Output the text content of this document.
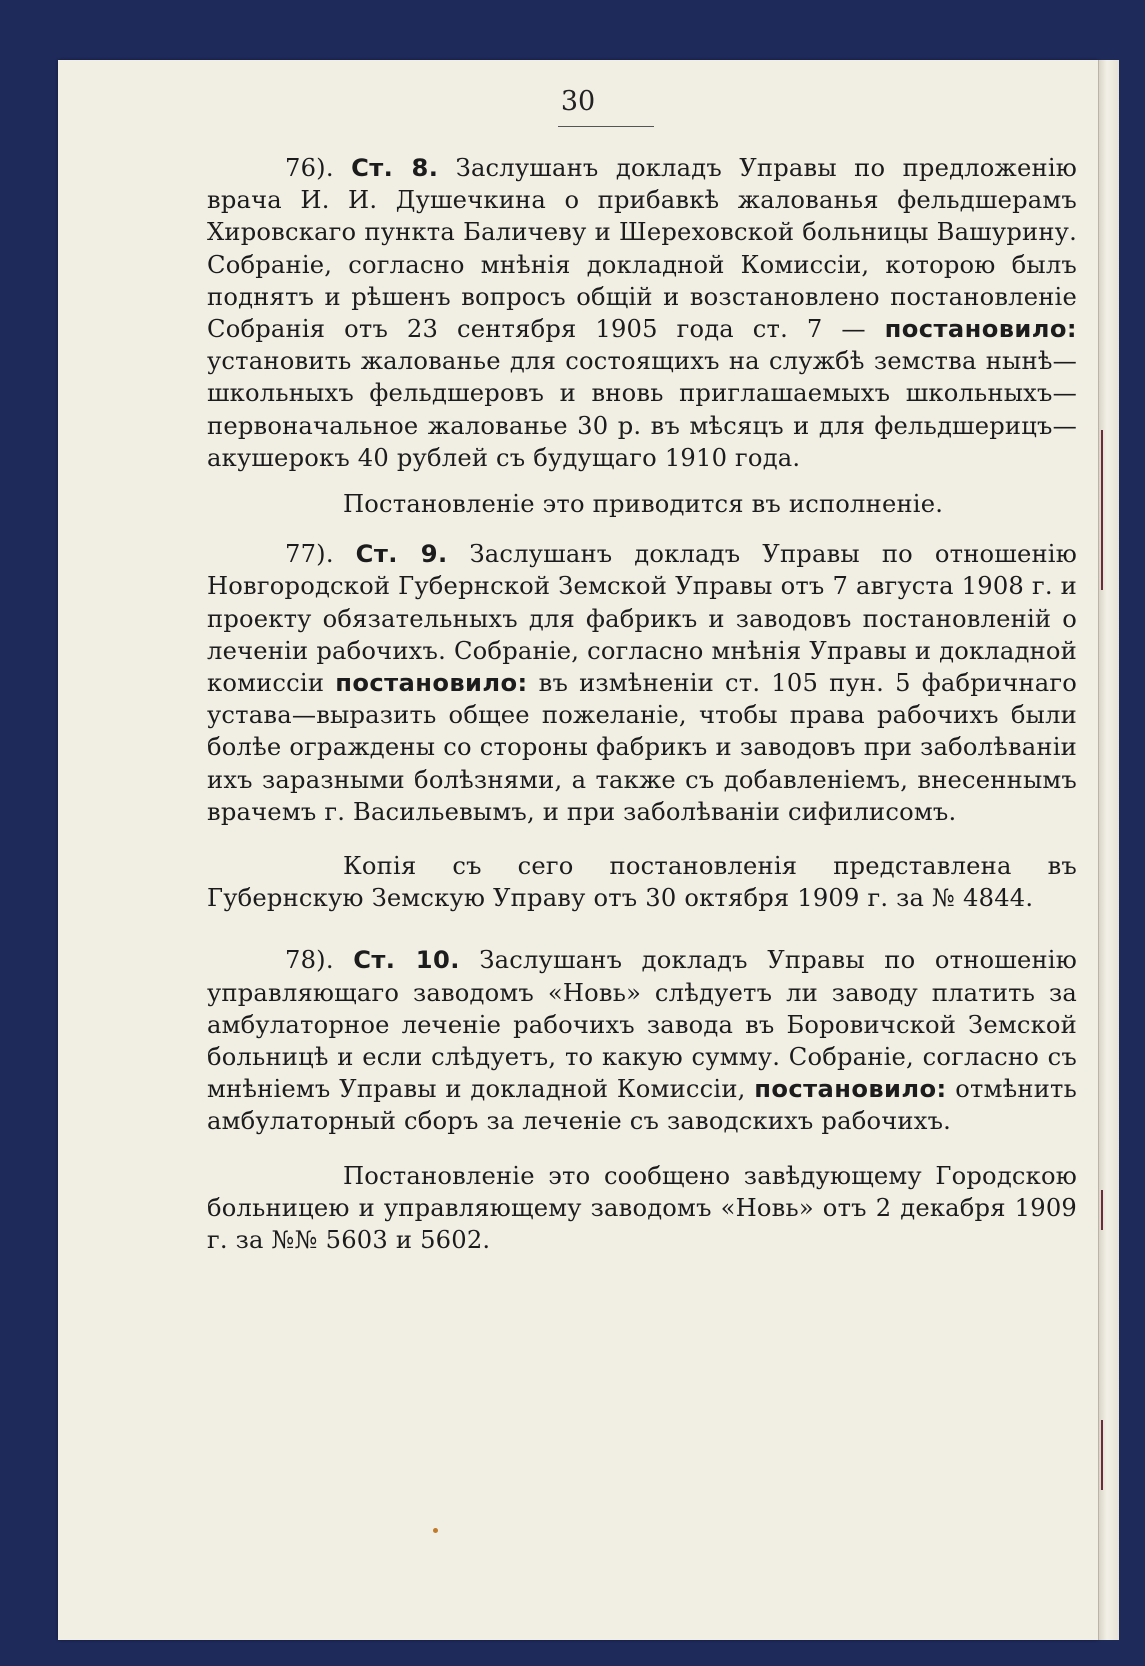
30

76). Ст. 8. Заслушанъ докладъ Управы по предложенію врача И. И. Душечкина о прибавкѣ жалованья фельдшерамъ Хировскаго пункта Баличеву и Шереховской больницы Вашурину. Собраніе, согласно мнѣнія докладной Комиссіи, которою былъ поднятъ и рѣшенъ вопросъ общій и возстановлено постановленіе Собранія отъ 23 сентября 1905 года ст. 7 — постановило: установить жалованье для состоящихъ на службѣ земства нынѣ—школьныхъ фельдшеровъ и вновь приглашаемыхъ школьныхъ—первоначальное жалованье 30 р. въ мѣсяцъ и для фельдшерицъ—акушерокъ 40 рублей съ будущаго 1910 года.

Постановленіе это приводится въ исполненіе.

77). Ст. 9. Заслушанъ докладъ Управы по отношенію Новгородской Губернской Земской Управы отъ 7 августа 1908 г. и проекту обязательныхъ для фабрикъ и заводовъ постановленій о леченіи рабочихъ. Собраніе, согласно мнѣнія Управы и докладной комиссіи постановило: въ измѣненіи ст. 105 пун. 5 фабричнаго устава—выразить общее пожеланіе, чтобы права рабочихъ были болѣе ограждены со стороны фабрикъ и заводовъ при заболѣваніи ихъ заразными болѣзнями, а также съ добавленіемъ, внесеннымъ врачемъ г. Васильевымъ, и при заболѣваніи сифилисомъ.

Копія съ сего постановленія представлена въ Губернскую Земскую Управу отъ 30 октября 1909 г. за № 4844.

78). Ст. 10. Заслушанъ докладъ Управы по отношенію управляющаго заводомъ «Новь» слѣдуетъ ли заводу платить за амбулаторное леченіе рабочихъ завода въ Боровичской Земской больницѣ и если слѣдуетъ, то какую сумму. Собраніе, согласно съ мнѣніемъ Управы и докладной Комиссіи, постановило: отмѣнить амбулаторный сборъ за леченіе съ заводскихъ рабочихъ.

Постановленіе это сообщено завѣдующему Городскою больницею и управляющему заводомъ «Новь» отъ 2 декабря 1909 г. за №№ 5603 и 5602.
